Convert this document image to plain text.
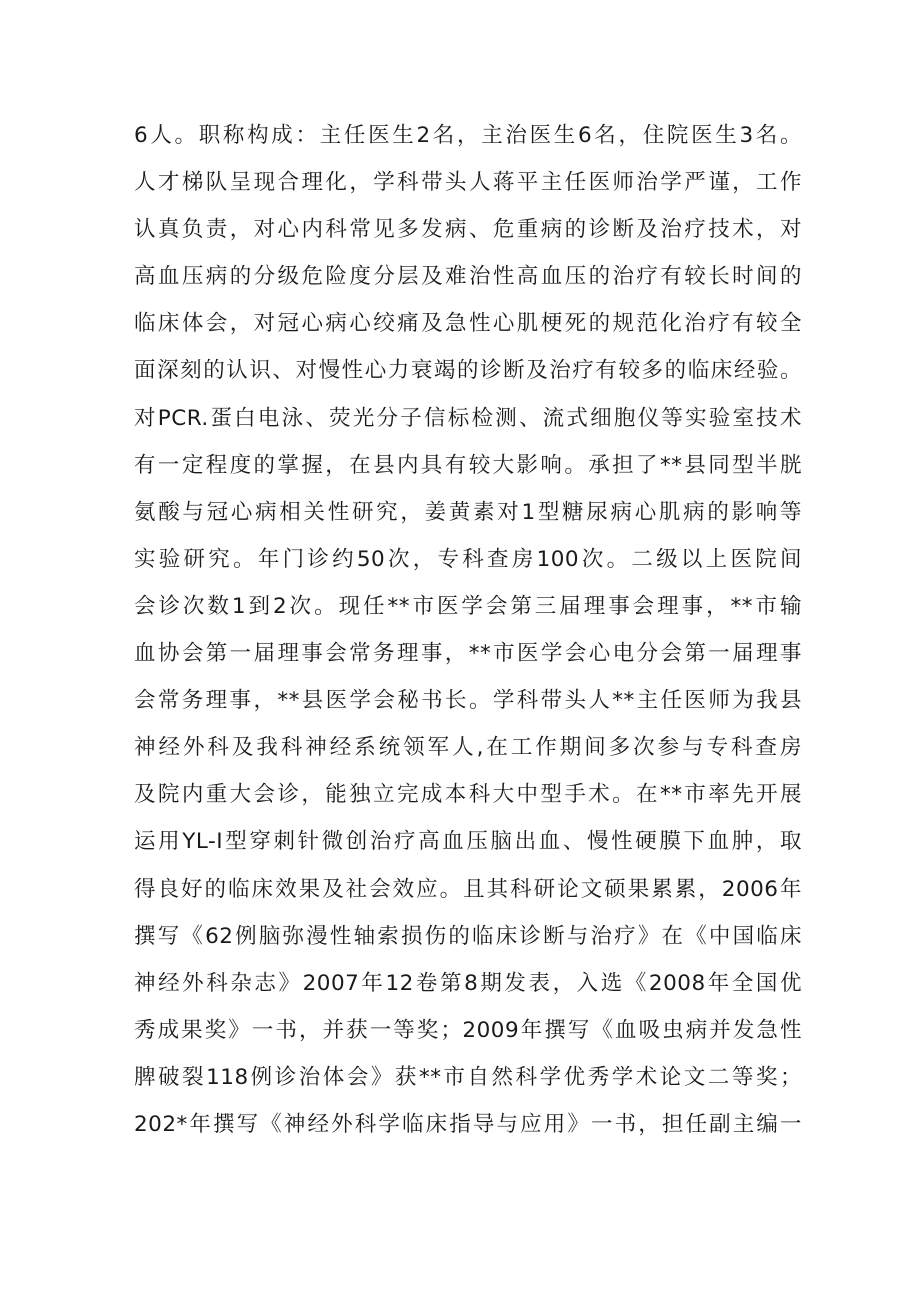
6人。职称构成：主任医生2名，主治医生6名，住院医生3名。
人才梯队呈现合理化，学科带头人蒋平主任医师治学严谨，工作
认真负责，对心内科常见多发病、危重病的诊断及治疗技术，对
高血压病的分级危险度分层及难治性高血压的治疗有较长时间的
临床体会，对冠心病心绞痛及急性心肌梗死的规范化治疗有较全
面深刻的认识、对慢性心力衰竭的诊断及治疗有较多的临床经验。
对PCR.蛋白电泳、荧光分子信标检测、流式细胞仪等实验室技术
有一定程度的掌握，在县内具有较大影响。承担了**县同型半胱
氨酸与冠心病相关性研究，姜黄素对1型糖尿病心肌病的影响等
实验研究。年门诊约50次，专科查房100次。二级以上医院间
会诊次数1到2次。现任**市医学会第三届理事会理事，**市输
血协会第一届理事会常务理事，**市医学会心电分会第一届理事
会常务理事，**县医学会秘书长。学科带头人**主任医师为我县
神经外科及我科神经系统领军人,在工作期间多次参与专科查房
及院内重大会诊，能独立完成本科大中型手术。在**市率先开展
运用YL-I型穿刺针微创治疗高血压脑出血、慢性硬膜下血肿，取
得良好的临床效果及社会效应。且其科研论文硕果累累，2006年
撰写《62例脑弥漫性轴索损伤的临床诊断与治疗》在《中国临床
神经外科杂志》2007年12卷第8期发表，入选《2008年全国优
秀成果奖》一书，并获一等奖；2009年撰写《血吸虫病并发急性
脾破裂118例诊治体会》获**市自然科学优秀学术论文二等奖；
202*年撰写《神经外科学临床指导与应用》一书，担任副主编一
